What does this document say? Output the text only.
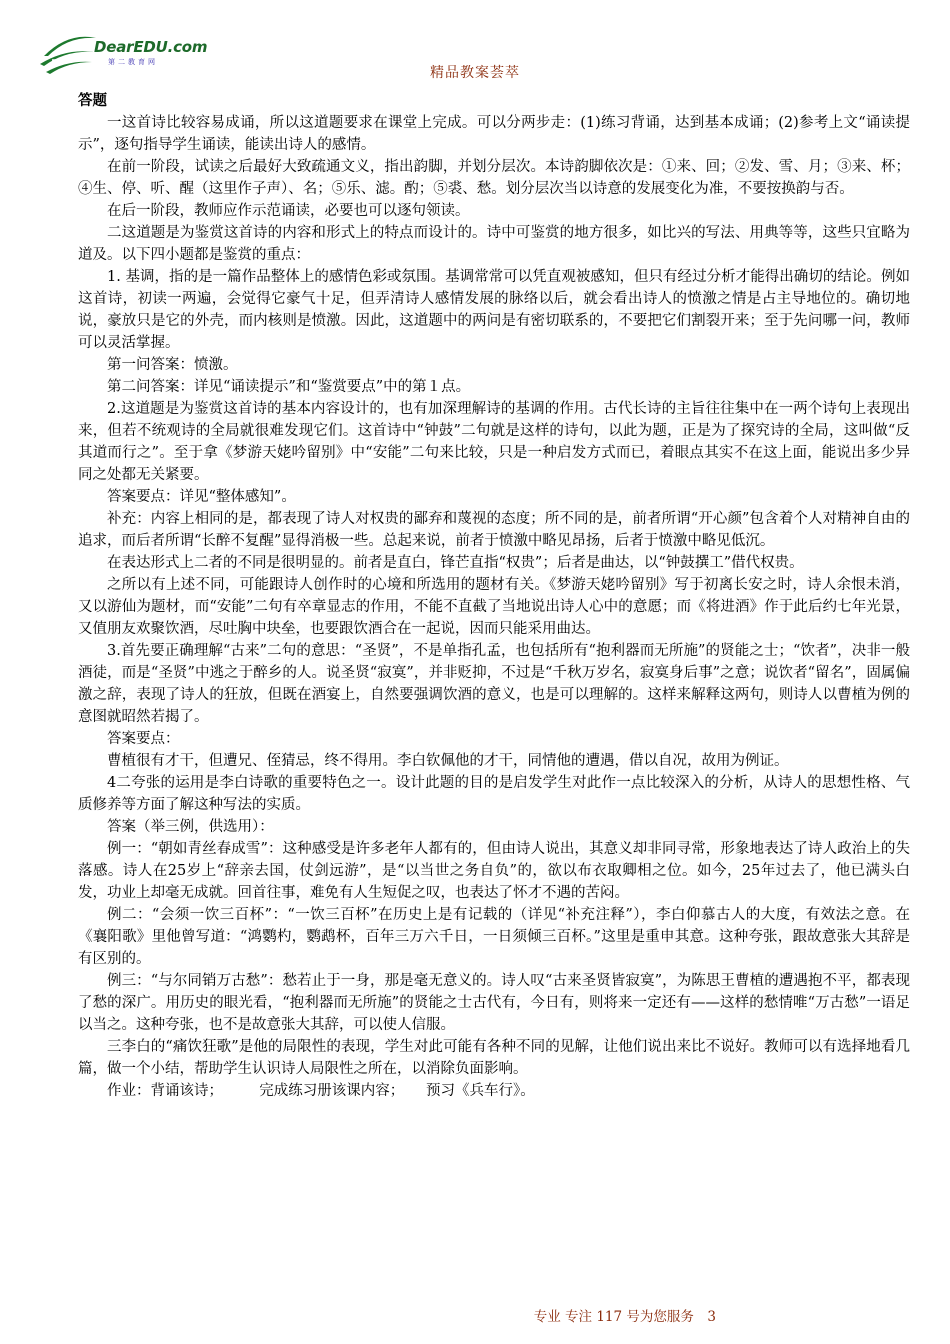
DearEDU.com
第二教育网
精品教案荟萃

答题

一这首诗比较容易成诵，所以这道题要求在课堂上完成。可以分两步走：(1)练习背诵，达到基本成诵；(2)参考上文“诵读提示”，逐句指导学生诵读，能读出诗人的感情。

在前一阶段，试读之后最好大致疏通文义，指出韵脚，并划分层次。本诗韵脚依次是：①来、回；②发、雪、月；③来、杯；④生、停、听、醒（这里作子声）、名；⑤乐、滤。酌；⑤裘、愁。划分层次当以诗意的发展变化为准，不要按换韵与否。

在后一阶段，教师应作示范诵读，必要也可以逐句领读。

二这道题是为鉴赏这首诗的内容和形式上的特点而设计的。诗中可鉴赏的地方很多，如比兴的写法、用典等等，这些只宜略为道及。以下四小题都是鉴赏的重点：

1. 基调，指的是一篇作品整体上的感情色彩或氛围。基调常常可以凭直观被感知，但只有经过分析才能得出确切的结论。例如这首诗，初读一两遍，会觉得它豪气十足，但弄清诗人感情发展的脉络以后，就会看出诗人的愤激之情是占主导地位的。确切地说，豪放只是它的外壳，而内核则是愤激。因此，这道题中的两问是有密切联系的，不要把它们割裂开来；至于先问哪一问，教师可以灵活掌握。

第一问答案：愤激。

第二问答案：详见“诵读提示”和“鉴赏要点”中的第１点。

2.这道题是为鉴赏这首诗的基本内容设计的，也有加深理解诗的基调的作用。古代长诗的主旨往往集中在一两个诗句上表现出来，但若不统观诗的全局就很难发现它们。这首诗中“钟鼓”二句就是这样的诗句，以此为题，正是为了探究诗的全局，这叫做“反其道而行之”。至于拿《梦游天姥吟留别》中“安能”二句来比较，只是一种启发方式而已，着眼点其实不在这上面，能说出多少异同之处都无关紧要。

答案要点：详见“整体感知”。

补充：内容上相同的是，都表现了诗人对权贵的鄙弃和蔑视的态度；所不同的是，前者所谓“开心颜”包含着个人对精神自由的追求，而后者所谓“长醉不复醒”显得消极一些。总起来说，前者于愤激中略见昂扬，后者于愤激中略见低沉。

在表达形式上二者的不同是很明显的。前者是直白，锋芒直指“权贵”；后者是曲达，以“钟鼓撰工”借代权贵。

之所以有上述不同，可能跟诗人创作时的心境和所选用的题材有关。《梦游天姥吟留别》写于初离长安之时，诗人余恨未消，又以游仙为题材，而“安能”二句有卒章显志的作用，不能不直截了当地说出诗人心中的意愿；而《将进酒》作于此后约七年光景，又值朋友欢聚饮酒，尽吐胸中块垒，也要跟饮酒合在一起说，因而只能采用曲达。

3.首先要正确理解“古来”二句的意思：“圣贤”，不是单指孔孟，也包括所有“抱利器而无所施”的贤能之士；“饮者”，决非一般酒徒，而是“圣贤”中逃之于醉乡的人。说圣贤“寂寞”，并非贬抑，不过是“千秋万岁名，寂寞身后事”之意；说饮者“留名”，固属偏激之辞，表现了诗人的狂放，但既在酒宴上，自然要强调饮酒的意义，也是可以理解的。这样来解释这两句，则诗人以曹植为例的意图就昭然若揭了。

答案要点：

曹植很有才干，但遭兄、侄猜忌，终不得用。李白钦佩他的才干，同情他的遭遇，借以自况，故用为例证。

4二夸张的运用是李白诗歌的重要特色之一。设计此题的目的是启发学生对此作一点比较深入的分析，从诗人的思想性格、气质修养等方面了解这种写法的实质。

答案（举三例，供选用）：

例一：“朝如青丝春成雪”：这种感受是许多老年人都有的，但由诗人说出，其意义却非同寻常，形象地表达了诗人政治上的失落感。诗人在25岁上“辞亲去国，仗剑远游”，是“以当世之务自负”的，欲以布衣取卿相之位。如今，25年过去了，他已满头白发，功业上却毫无成就。回首往事，难免有人生短促之叹，也表达了怀才不遇的苦闷。

例二：“会须一饮三百杯”：“一饮三百杯”在历史上是有记载的（详见“补充注释”），李白仰慕古人的大度，有效法之意。在《襄阳歌》里他曾写道：“鸿鹦杓，鹦鹉杯，百年三万六千日，一日须倾三百杯。”这里是重申其意。这种夸张，跟故意张大其辞是有区别的。

例三：“与尔同销万古愁”：愁若止于一身，那是毫无意义的。诗人叹“古来圣贤皆寂寞”，为陈思王曹植的遭遇抱不平，都表现了愁的深广。用历史的眼光看，“抱利器而无所施”的贤能之士古代有，今日有，则将来一定还有——这样的愁情唯“万古愁”一语足以当之。这种夸张，也不是故意张大其辞，可以使人信服。

三李白的“痛饮狂歌”是他的局限性的表现，学生对此可能有各种不同的见解，让他们说出来比不说好。教师可以有选择地看几篇，做一个小结，帮助学生认识诗人局限性之所在，以消除负面影响。

作业：背诵该诗；　　　完成练习册该课内容；　　预习《兵车行》。

专业 专注 117 号为您服务　3
